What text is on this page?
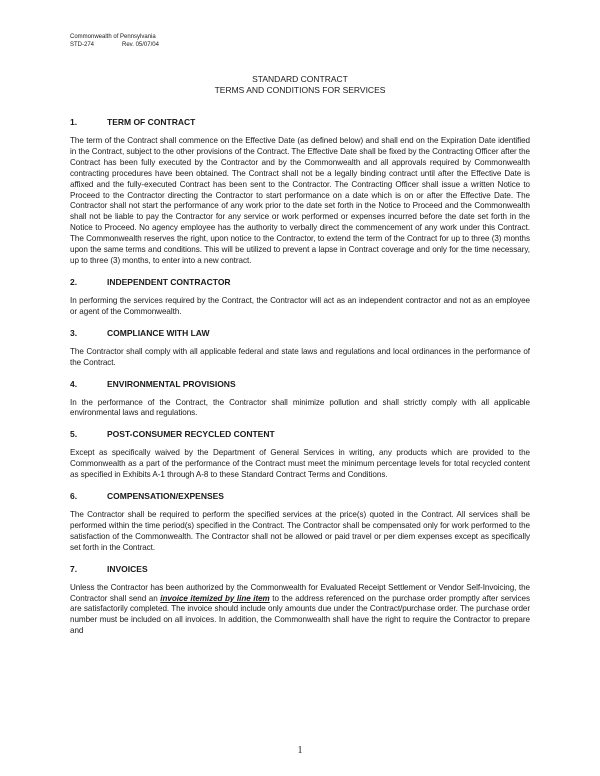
Commonwealth of Pennsylvania
STD-274	Rev. 05/07/04
STANDARD CONTRACT
TERMS AND CONDITIONS FOR SERVICES
1.	TERM OF CONTRACT

The term of the Contract shall commence on the Effective Date (as defined below) and shall end on the Expiration Date identified in the Contract, subject to the other provisions of the Contract. The Effective Date shall be fixed by the Contracting Officer after the Contract has been fully executed by the Contractor and by the Commonwealth and all approvals required by Commonwealth contracting procedures have been obtained. The Contract shall not be a legally binding contract until after the Effective Date is affixed and the fully-executed Contract has been sent to the Contractor. The Contracting Officer shall issue a written Notice to Proceed to the Contractor directing the Contractor to start performance on a date which is on or after the Effective Date. The Contractor shall not start the performance of any work prior to the date set forth in the Notice to Proceed and the Commonwealth shall not be liable to pay the Contractor for any service or work performed or expenses incurred before the date set forth in the Notice to Proceed. No agency employee has the authority to verbally direct the commencement of any work under this Contract. The Commonwealth reserves the right, upon notice to the Contractor, to extend the term of the Contract for up to three (3) months upon the same terms and conditions. This will be utilized to prevent a lapse in Contract coverage and only for the time necessary, up to three (3) months, to enter into a new contract.

2.	INDEPENDENT CONTRACTOR

In performing the services required by the Contract, the Contractor will act as an independent contractor and not as an employee or agent of the Commonwealth.

3.	COMPLIANCE WITH LAW

The Contractor shall comply with all applicable federal and state laws and regulations and local ordinances in the performance of the Contract.

4.	ENVIRONMENTAL PROVISIONS

In the performance of the Contract, the Contractor shall minimize pollution and shall strictly comply with all applicable environmental laws and regulations.

5.	POST-CONSUMER RECYCLED CONTENT

Except as specifically waived by the Department of General Services in writing, any products which are provided to the Commonwealth as a part of the performance of the Contract must meet the minimum percentage levels for total recycled content as specified in Exhibits A-1 through A-8 to these Standard Contract Terms and Conditions.

6.	COMPENSATION/EXPENSES

The Contractor shall be required to perform the specified services at the price(s) quoted in the Contract. All services shall be performed within the time period(s) specified in the Contract. The Contractor shall be compensated only for work performed to the satisfaction of the Commonwealth. The Contractor shall not be allowed or paid travel or per diem expenses except as specifically set forth in the Contract.

7.	INVOICES

Unless the Contractor has been authorized by the Commonwealth for Evaluated Receipt Settlement or Vendor Self-Invoicing, the Contractor shall send an invoice itemized by line item to the address referenced on the purchase order promptly after services are satisfactorily completed. The invoice should include only amounts due under the Contract/purchase order. The purchase order number must be included on all invoices. In addition, the Commonwealth shall have the right to require the Contractor to prepare and

1
